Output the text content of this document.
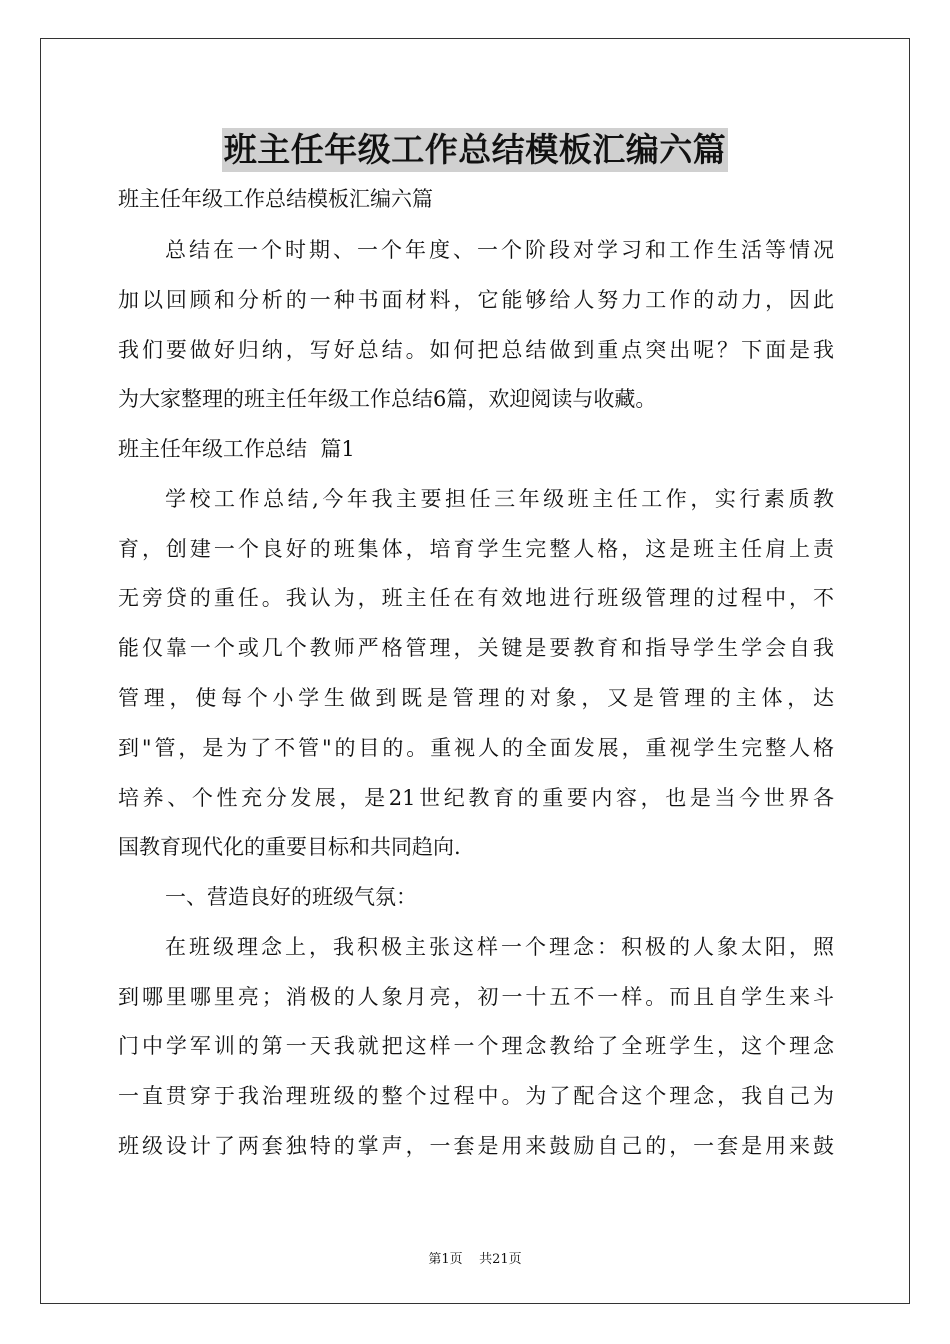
班主任年级工作总结模板汇编六篇
班主任年级工作总结模板汇编六篇
总结在一个时期、一个年度、一个阶段对学习和工作生活等情况
加以回顾和分析的一种书面材料，它能够给人努力工作的动力，因此
我们要做好归纳，写好总结。如何把总结做到重点突出呢？下面是我
为大家整理的班主任年级工作总结6篇，欢迎阅读与收藏。
班主任年级工作总结  篇1
学校工作总结,今年我主要担任三年级班主任工作，实行素质教
育，创建一个良好的班集体，培育学生完整人格，这是班主任肩上责
无旁贷的重任。我认为，班主任在有效地进行班级管理的过程中，不
能仅靠一个或几个教师严格管理，关键是要教育和指导学生学会自我
管理，使每个小学生做到既是管理的对象，又是管理的主体，达
到"管，是为了不管"的目的。重视人的全面发展，重视学生完整人格
培养、个性充分发展，是21世纪教育的重要内容，也是当今世界各
国教育现代化的重要目标和共同趋向.
一、营造良好的班级气氛：
在班级理念上，我积极主张这样一个理念：积极的人象太阳，照
到哪里哪里亮；消极的人象月亮，初一十五不一样。而且自学生来斗
门中学军训的第一天我就把这样一个理念教给了全班学生，这个理念
一直贯穿于我治理班级的整个过程中。为了配合这个理念，我自己为
班级设计了两套独特的掌声，一套是用来鼓励自己的，一套是用来鼓
第1页    共21页
